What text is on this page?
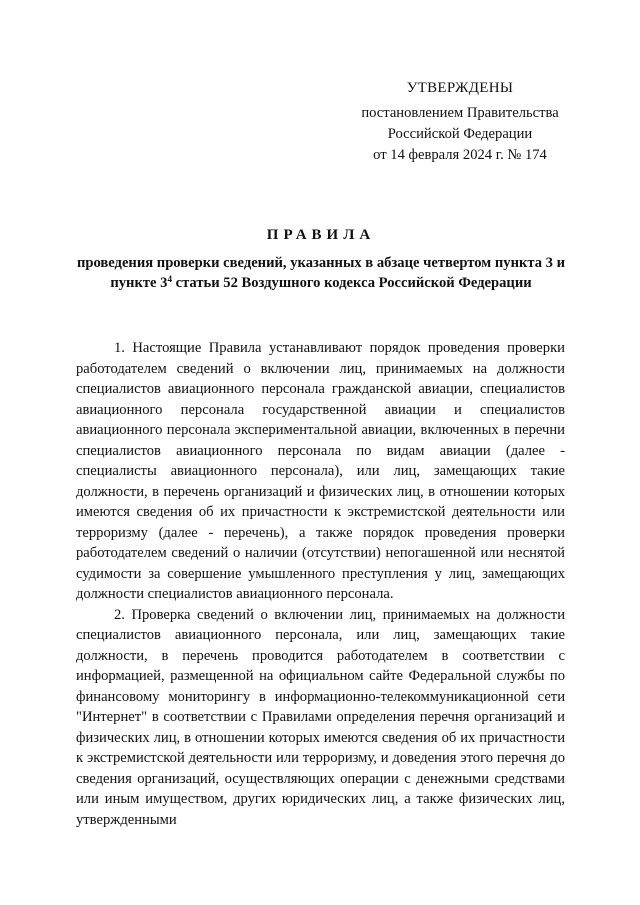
УТВЕРЖДЕНЫ
постановлением Правительства
Российской Федерации
от 14 февраля 2024 г. № 174
ПРАВИЛА
проведения проверки сведений, указанных в абзаце четвертом пункта 3 и пункте $3^4$ статьи 52 Воздушного кодекса Российской Федерации

1. Настоящие Правила устанавливают порядок проведения проверки работодателем сведений о включении лиц, принимаемых на должности специалистов авиационного персонала гражданской авиации, специалистов авиационного персонала государственной авиации и специалистов авиационного персонала экспериментальной авиации, включенных в перечни специалистов авиационного персонала по видам авиации (далее - специалисты авиационного персонала), или лиц, замещающих такие должности, в перечень организаций и физических лиц, в отношении которых имеются сведения об их причастности к экстремистской деятельности или терроризму (далее - перечень), а также порядок проведения проверки работодателем сведений о наличии (отсутствии) непогашенной или неснятой судимости за совершение умышленного преступления у лиц, замещающих должности специалистов авиационного персонала.

2. Проверка сведений о включении лиц, принимаемых на должности специалистов авиационного персонала, или лиц, замещающих такие должности, в перечень проводится работодателем в соответствии с информацией, размещенной на официальном сайте Федеральной службы по финансовому мониторингу в информационно-телекоммуникационной сети "Интернет" в соответствии с Правилами определения перечня организаций и физических лиц, в отношении которых имеются сведения об их причастности к экстремистской деятельности или терроризму, и доведения этого перечня до сведения организаций, осуществляющих операции с денежными средствами или иным имуществом, других юридических лиц, а также физических лиц, утвержденными
